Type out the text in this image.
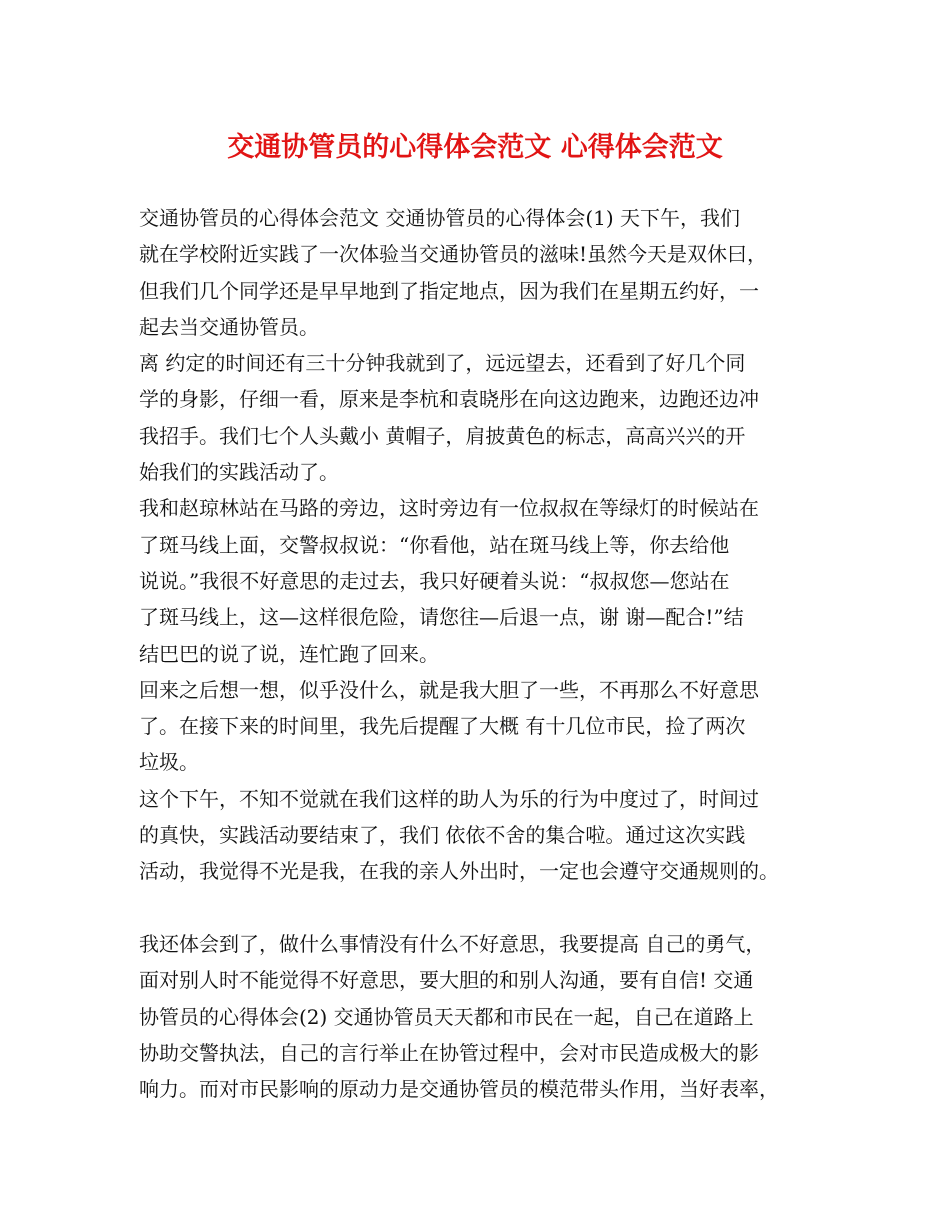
交通协管员的心得体会范文 心得体会范文
交通协管员的心得体会范文 交通协管员的心得体会(1) 天下午，我们
就在学校附近实践了一次体验当交通协管员的滋味!虽然今天是双休曰，
但我们几个同学还是早早地到了指定地点，因为我们在星期五约好，一
起去当交通协管员。
离 约定的时间还有三十分钟我就到了，远远望去，还看到了好几个同
学的身影，仔细一看，原来是李杭和袁晓彤在向这边跑来，边跑还边冲
我招手。我们七个人头戴小 黄帽子，肩披黄色的标志，高高兴兴的开
始我们的实践活动了。
我和赵琼林站在马路的旁边，这时旁边有一位叔叔在等绿灯的时候站在
了斑马线上面，交警叔叔说：“你看他，站在斑马线上等，你去给他
说说。”我很不好意思的走过去，我只好硬着头说：“叔叔您—您站在
了斑马线上，这—这样很危险，请您往—后退一点，谢 谢—配合!”结
结巴巴的说了说，连忙跑了回来。
回来之后想一想，似乎没什么，就是我大胆了一些，不再那么不好意思
了。在接下来的时间里，我先后提醒了大概 有十几位市民，捡了两次
垃圾。
这个下午，不知不觉就在我们这样的助人为乐的行为中度过了，时间过
的真快，实践活动要结束了，我们 依依不舍的集合啦。通过这次实践
活动，我觉得不光是我，在我的亲人外出时，一定也会遵守交通规则的。
我还体会到了，做什么事情没有什么不好意思，我要提高 自己的勇气，
面对别人时不能觉得不好意思，要大胆的和别人沟通，要有自信! 交通
协管员的心得体会(2) 交通协管员天天都和市民在一起，自己在道路上
协助交警执法，自己的言行举止在协管过程中，会对市民造成极大的影
响力。而对市民影响的原动力是交通协管员的模范带头作用，当好表率，
